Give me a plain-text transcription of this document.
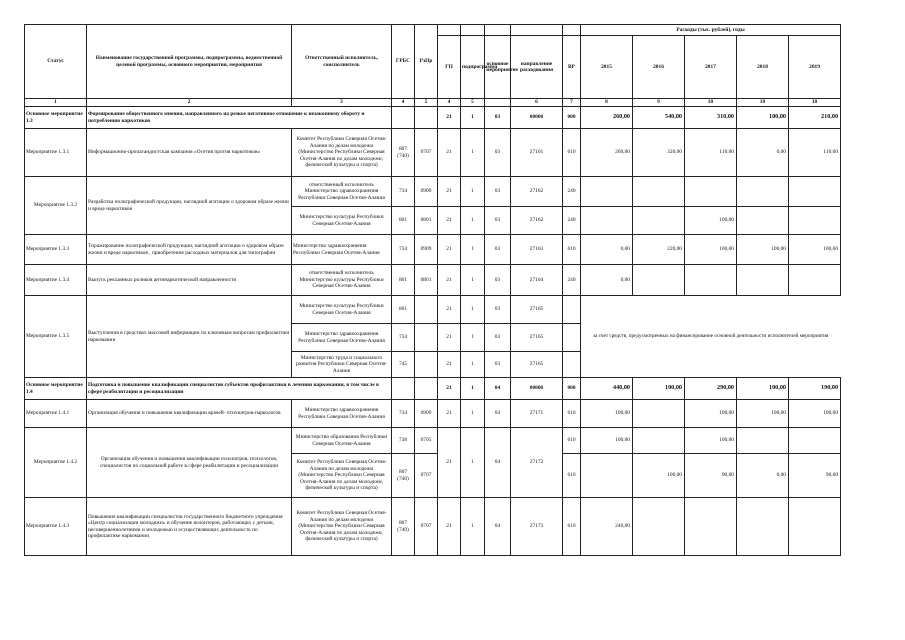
Статус	Наименование государственной программы, подпрограммы, ведомственной целевой программы, основного мероприятия, мероприятия	Ответственный исполнитель, соисполнитель	ГРБС	РзПр						Расходы (тыс. рублей), годы				
					ГП	подпрограмма	основное мероприятие	направление расходования	ВР	2015	2016	2017	2018	2019
1	2	3	4	5	4	5		6	7	8	9	10	10	10
Основное мероприятие 1.3	Формирование общественного мнения, направленного на резкое негативное отношение к незаконному обороту и потреблению наркотиков				21	1	03	00000	000	260,00	540,00	310,00	100,00	210,00
Мероприятие 1.3.1	Информационно-пропагандистская кампания «Осетия против наркотиков»	Комитет Республики Северная Осетия-Алания по делам молодежи (Министерство Республики Северная Осетия-Алания по делам молодежи, физической культуры и спорта)	807 (740)	0707	21	1	03	27161	610	260,00	320,00	110,00	0,00	110,00
Мероприятие 1.3.2	Разработка полиграфической продукции, наглядной агитации о здоровом образе жизни и вреде наркотиков	ответственный исполнитель Министерство здравоохранения Республики Северная Осетия-Алания	734	0909	21	1	03	27162	240					
		Министерство культуры Республики Северная Осетия-Алания	801	0801	21	1	03	27162	240			100,00		
Мероприятие 1.3.3	Тиражирование полиграфической продукции, наглядной агитации о здоровом образе жизни и вреде наркотиков , приобретение расходных материалов для типографии	Министерство здравоохранения Республики Северная Осетия-Алания	734	0909	21	1	03	27163	610	0,00	220,00	100,00	100,00	100,00
Мероприятие 1.3.4	Выпуск рекламных роликов антинаркотической направленности	ответственный исполнитель Министерство культуры Республики Северная Осетия-Алания	801	0801	21	1	03	27164	240	0,00				
Мероприятие 1.3.5	Выступления в средствах массовой информации по ключевым вопросам профилактики наркомании	Министерство культуры Республики Северная Осетия-Алания	801		21	1	03	27165		за счет средств, предусмотренных на финансирование основной деятельности исполнителей мероприятия				
		Министерство здравоохранения Республики Северная Осетия-Алания	734		21	1	03	27165						
		Министерство труда и социального развития Республики Северная Осетия-Алания	745		21	1	03	27165						
Основное мероприятие 1.4	Подготовка и повышение квалификации специалистов субъектов профилактики в лечении наркомании, в том числе в сфере реабилитации и ресоциализации				21	1	04	00000	000	440,00	100,00	290,00	100,00	190,00
Мероприятие 1.4.1	Организация обучения и повышения квалификации врачей- психиатров-наркологов	Министерство здравоохранения Республики Северная Осетия-Алания	734	0909	21	1	04	27171	610	100,00		100,00	100,00	100,00
Мероприятие 1.4.2	Организация обучения и повышения квалификации психиатров, психологов, специалистов по социальной работе в сфере реабилитации и ресоциализации	Министерство образования Республики Северная Осетия-Алания	738	0705	21	1	04	27172	610	100,00		100,00		
		Комитет Республики Северная Осетия-Алания по делам молодежи (Министерство Республики Северная Осетия-Алания по делам молодежи, физической культуры и спорта)	807 (740)	0707					610		100,00	90,00	0,00	90,00
Мероприятие 1.4.3	Повышение квалификации специалистов государственного бюджетного учреждения «Центр социализации молодежи» и обучение волонтеров, работающих с детьми, несовершеннолетними и молодежью и осуществляющих деятельность по профилактике наркомании	Комитет Республики Северная Осетия-Алания по делам молодежи (Министерство Республики Северная Осетия-Алания по делам молодежи, физической культуры и спорта)	807 (740)	0707	21	1	04	27173	610	240,00				
